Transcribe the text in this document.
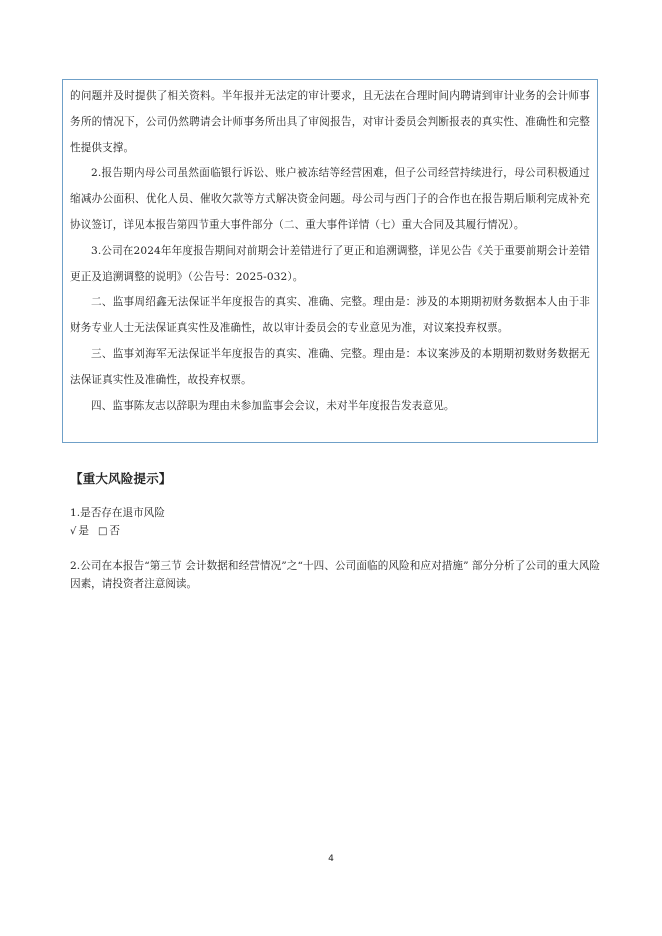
的问题并及时提供了相关资料。半年报并无法定的审计要求，且无法在合理时间内聘请到审计业务的会计师事务所的情况下，公司仍然聘请会计师事务所出具了审阅报告，对审计委员会判断报表的真实性、准确性和完整性提供支撑。

2.报告期内母公司虽然面临银行诉讼、账户被冻结等经营困难，但子公司经营持续进行，母公司积极通过缩减办公面积、优化人员、催收欠款等方式解决资金问题。母公司与西门子的合作也在报告期后顺利完成补充协议签订，详见本报告第四节重大事件部分（二、重大事件详情（七）重大合同及其履行情况）。

3.公司在2024年年度报告期间对前期会计差错进行了更正和追溯调整，详见公告《关于重要前期会计差错更正及追溯调整的说明》（公告号：2025-032）。

二、监事周绍鑫无法保证半年度报告的真实、准确、完整。理由是：涉及的本期期初财务数据本人由于非财务专业人士无法保证真实性及准确性，故以审计委员会的专业意见为准，对议案投弃权票。

三、监事刘海军无法保证半年度报告的真实、准确、完整。理由是：本议案涉及的本期期初数财务数据无法保证真实性及准确性，故投弃权票。

四、监事陈友志以辞职为理由未参加监事会会议，未对半年度报告发表意见。

【重大风险提示】

1.是否存在退市风险

√ 是 □ 否

2.公司在本报告“第三节 会计数据和经营情况”之“十四、公司面临的风险和应对措施” 部分分析了公司的重大风险因素，请投资者注意阅读。

4
